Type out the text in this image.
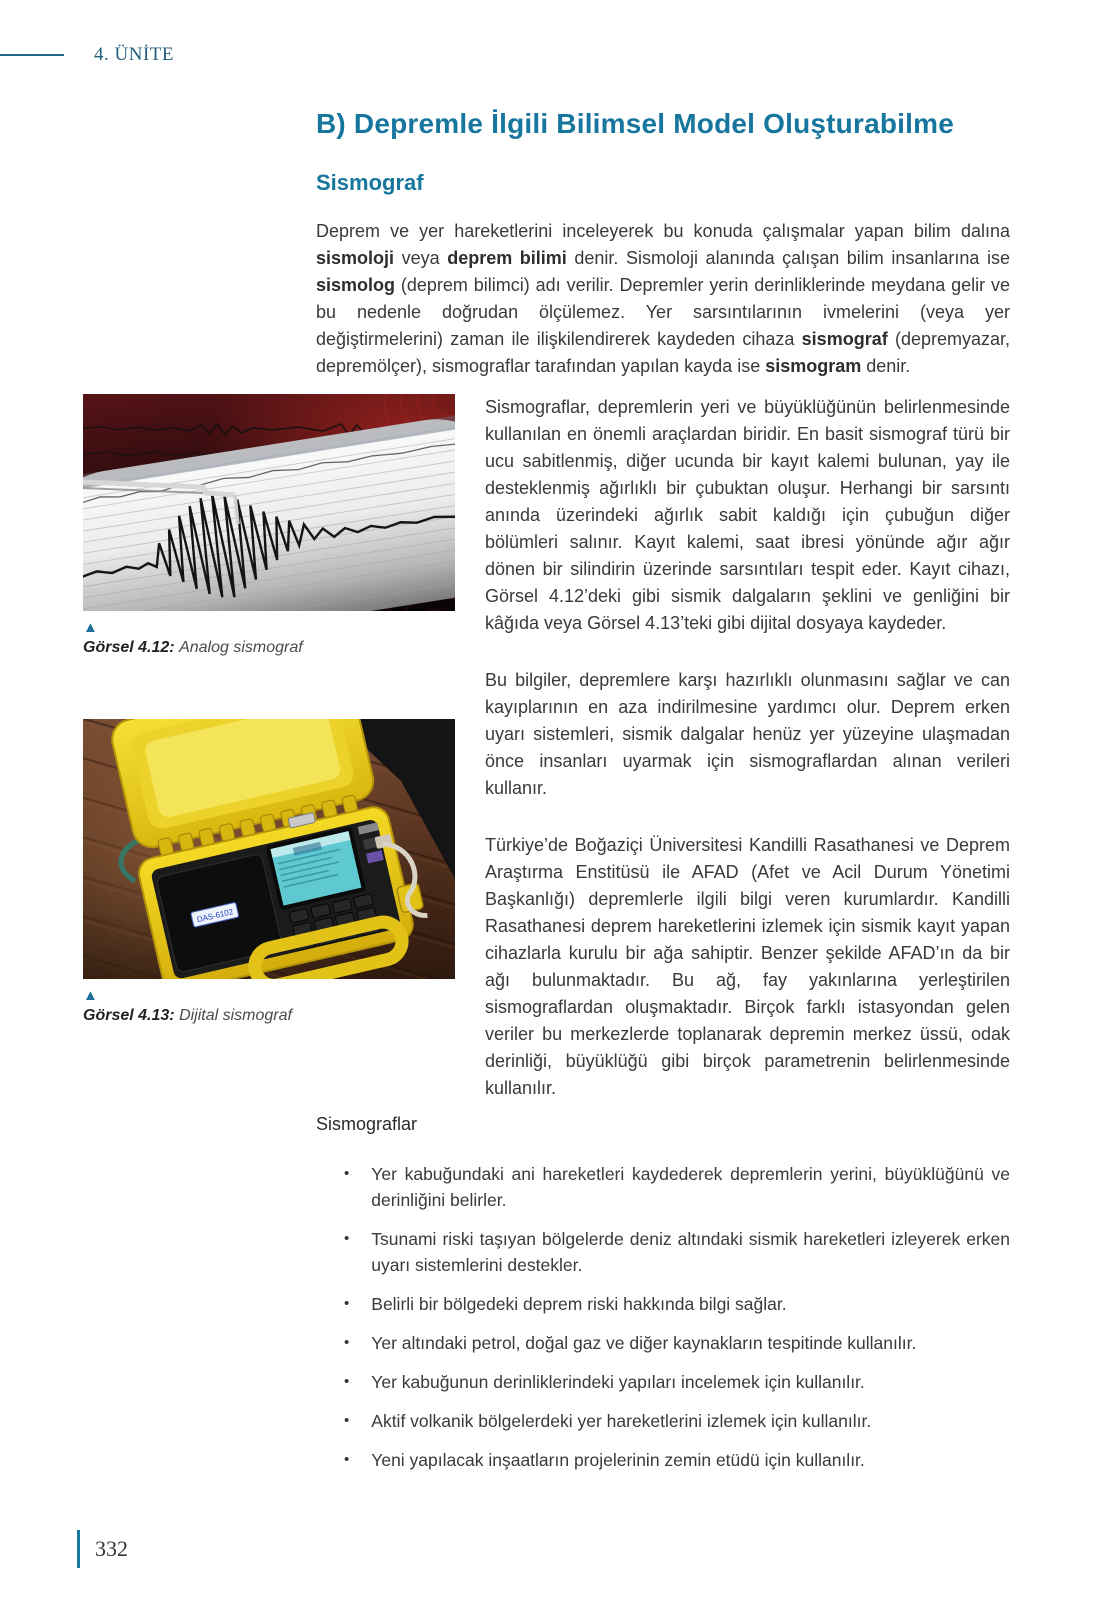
4. ÜNİTE
B) Depremle İlgili Bilimsel Model Oluşturabilme
Sismograf

Deprem ve yer hareketlerini inceleyerek bu konuda çalışmalar yapan bilim dalına sismoloji veya deprem bilimi denir. Sismoloji alanında çalışan bilim insanlarına ise sismolog (deprem bilimci) adı verilir. Depremler yerin derinliklerinde meydana gelir ve bu nedenle doğrudan ölçülemez. Yer sarsıntılarının ivmelerini (veya yer değiştirmelerini) zaman ile ilişkilendirerek kaydeden cihaza sismograf (depremyazar, depremölçer), sismograflar tarafından yapılan kayda ise sismogram denir.

▲

Görsel 4.12: Analog sismograf

DAS-6102
▲

Görsel 4.13: Dijital sismograf

Sismograflar, depremlerin yeri ve büyüklüğünün belirlenmesinde kullanılan en önemli araçlardan biridir. En basit sismograf türü bir ucu sabitlenmiş, diğer ucunda bir kayıt kalemi bulunan, yay ile desteklenmiş ağırlıklı bir çubuktan oluşur. Herhangi bir sarsıntı anında üzerindeki ağırlık sabit kaldığı için çubuğun diğer bölümleri salınır. Kayıt kalemi, saat ibresi yönünde ağır ağır dönen bir silindirin üzerinde sarsıntıları tespit eder. Kayıt cihazı, Görsel 4.12’deki gibi sismik dalgaların şeklini ve genliğini bir kâğıda veya Görsel 4.13’teki gibi dijital dosyaya kaydeder.

Bu bilgiler, depremlere karşı hazırlıklı olunmasını sağlar ve can kayıplarının en aza indirilmesine yardımcı olur. Deprem erken uyarı sistemleri, sismik dalgalar henüz yer yüzeyine ulaşmadan önce insanları uyarmak için sismograflardan alınan verileri kullanır.

Türkiye’de Boğaziçi Üniversitesi Kandilli Rasathanesi ve Deprem Araştırma Enstitüsü ile AFAD (Afet ve Acil Durum Yönetimi Başkanlığı) depremlerle ilgili bilgi veren kurumlardır. Kandilli Rasathanesi deprem hareketlerini izlemek için sismik kayıt yapan cihazlarla kurulu bir ağa sahiptir. Benzer şekilde AFAD’ın da bir ağı bulunmaktadır. Bu ağ, fay yakınlarına yerleştirilen sismograflardan oluşmaktadır. Birçok farklı istasyondan gelen veriler bu merkezlerde toplanarak depremin merkez üssü, odak derinliği, büyüklüğü gibi birçok parametrenin belirlenmesinde kullanılır.

Sismograflar

• Yer kabuğundaki ani hareketleri kaydederek depremlerin yerini, büyüklüğünü ve derinliğini belirler.
• Tsunami riski taşıyan bölgelerde deniz altındaki sismik hareketleri izleyerek erken uyarı sistemlerini destekler.
• Belirli bir bölgedeki deprem riski hakkında bilgi sağlar.
• Yer altındaki petrol, doğal gaz ve diğer kaynakların tespitinde kullanılır.
• Yer kabuğunun derinliklerindeki yapıları incelemek için kullanılır.
• Aktif volkanik bölgelerdeki yer hareketlerini izlemek için kullanılır.
• Yeni yapılacak inşaatların projelerinin zemin etüdü için kullanılır.
332
